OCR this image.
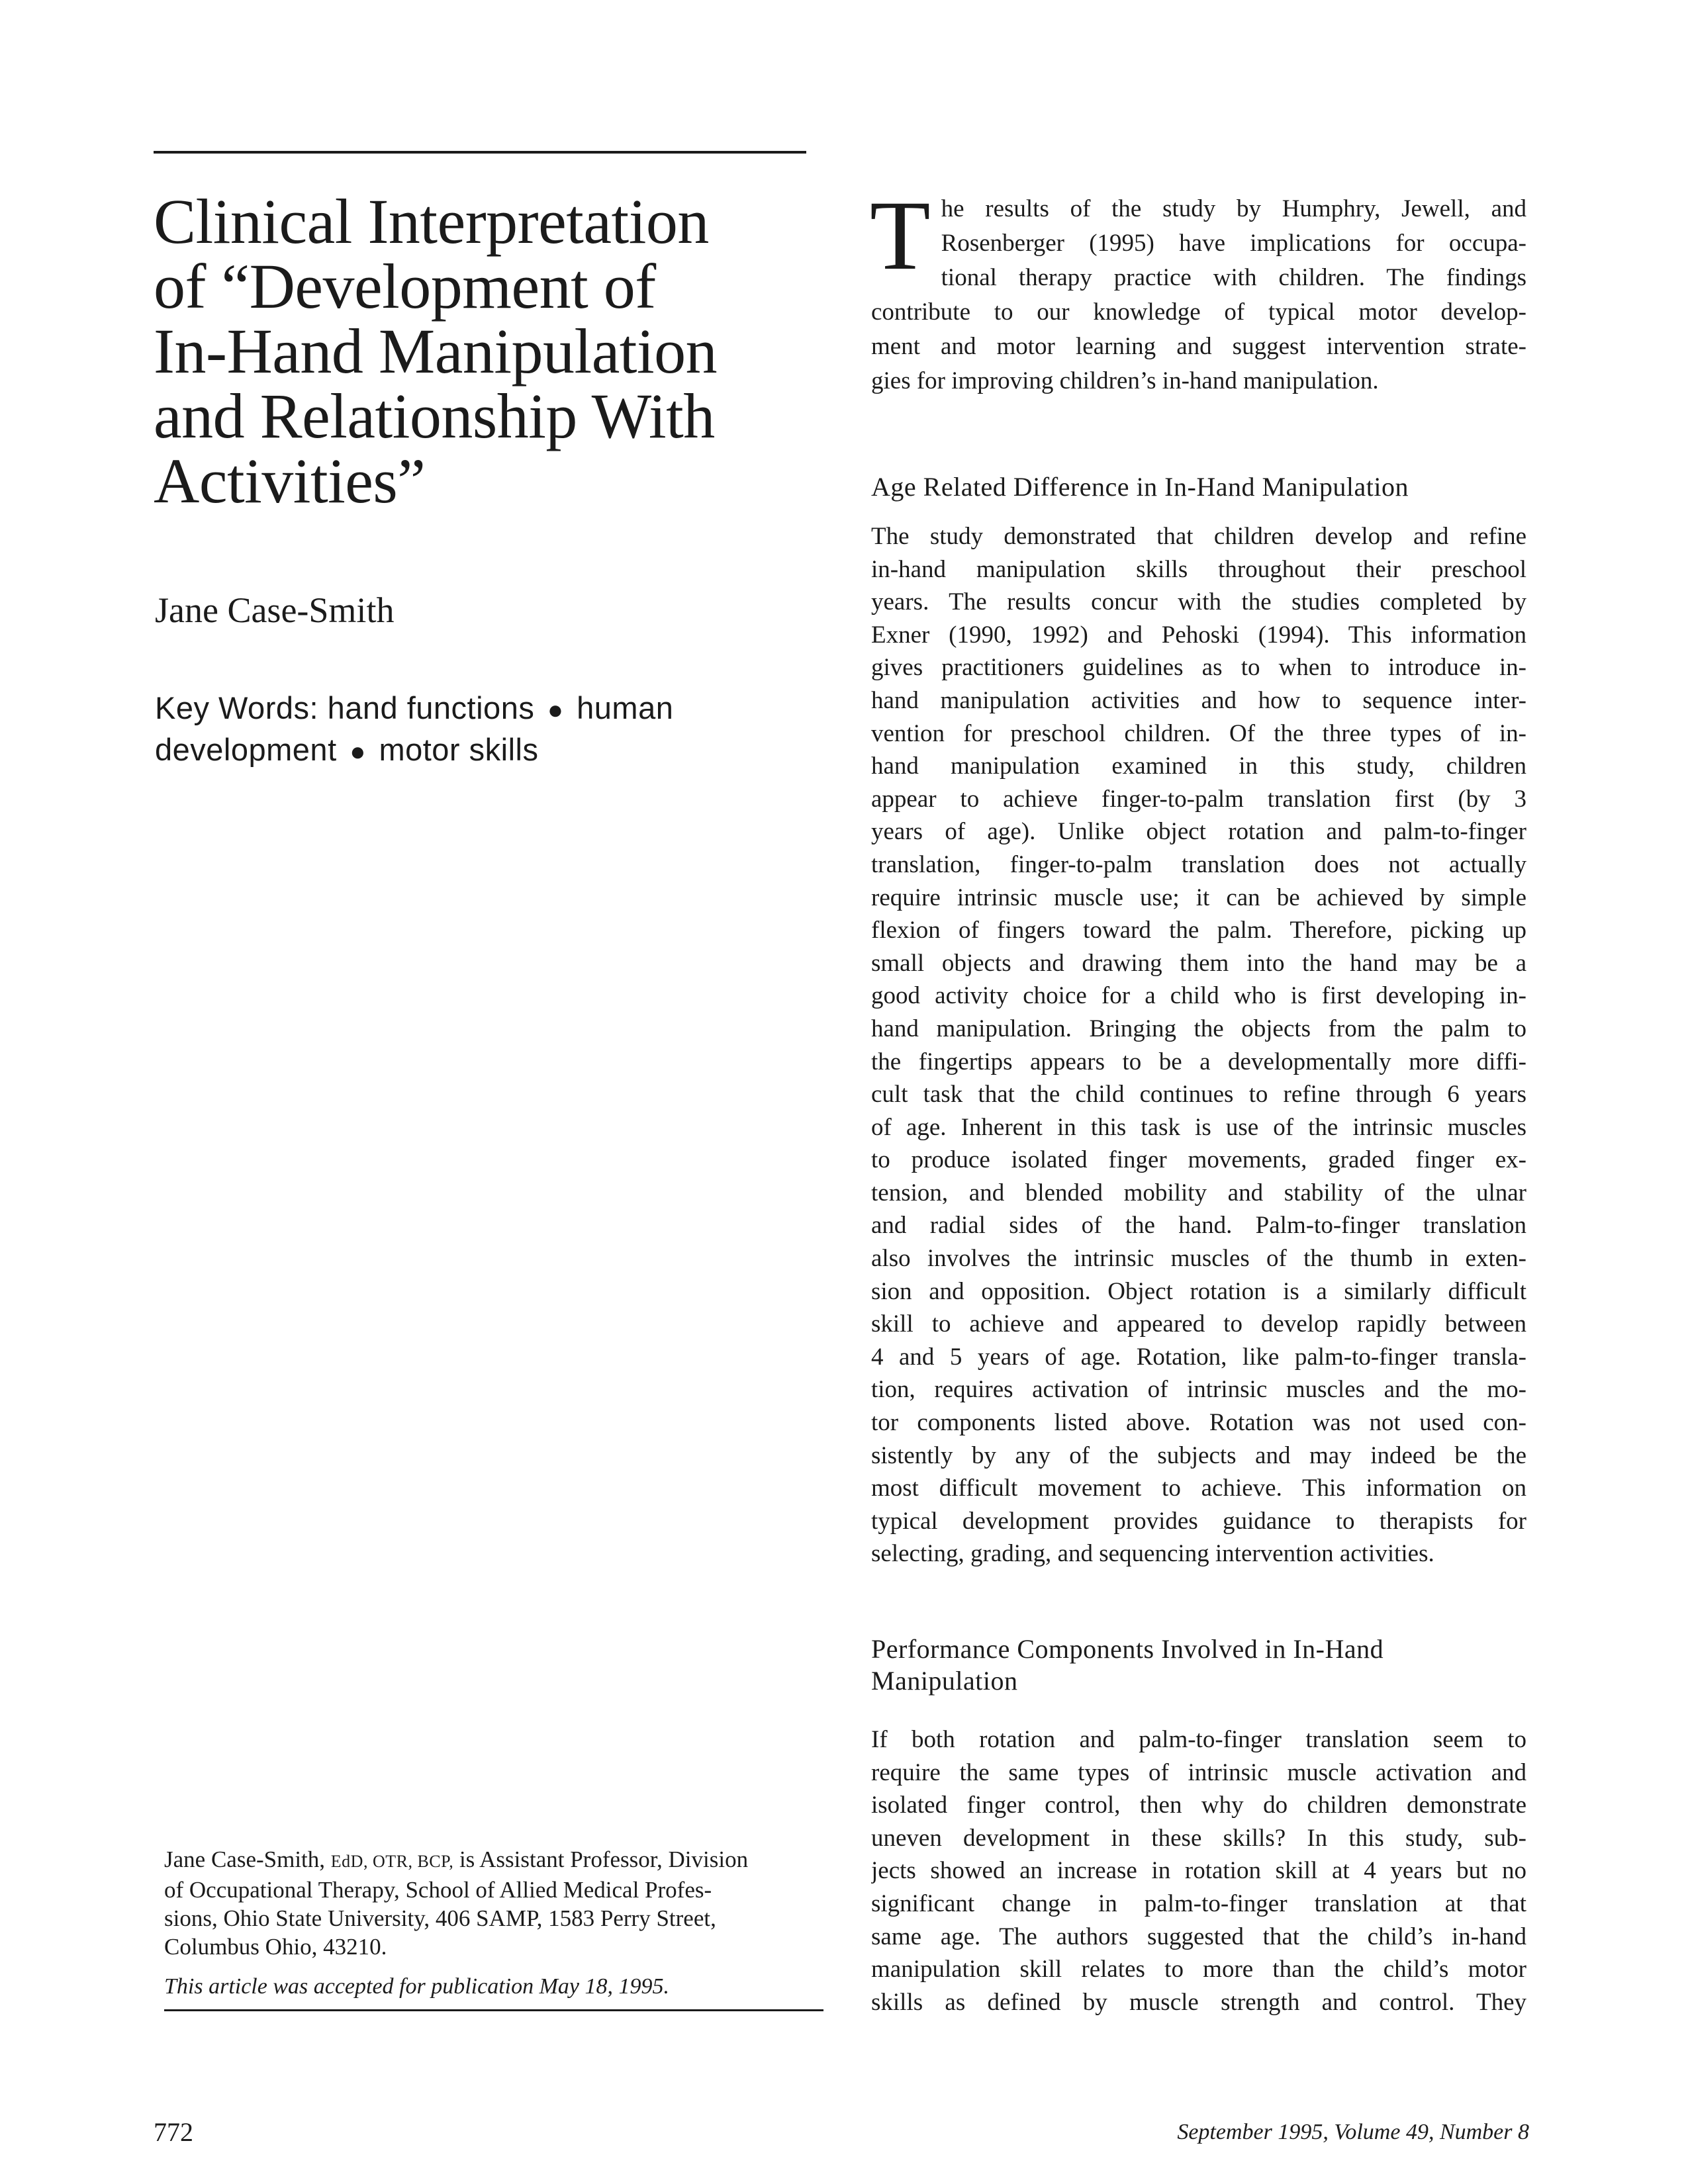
Clinical Interpretation
of “Development of
In-Hand Manipulation
and Relationship With
Activities”

Jane Case-Smith

Key Words: hand functions ● human
development ● motor skills
Jane Case-Smith, EdD, OTR, BCP, is Assistant Professor, Division
of Occupational Therapy, School of Allied Medical Profes-
sions, Ohio State University, 406 SAMP, 1583 Perry Street,
Columbus Ohio, 43210.

This article was accepted for publication May 18, 1995.

T he results of the study by Humphry, Jewell, and
Rosenberger (1995) have implications for occupa-
tional therapy practice with children. The findings
contribute to our knowledge of typical motor develop-
ment and motor learning and suggest intervention strate-
gies for improving children’s in-hand manipulation.
Age Related Difference in In-Hand Manipulation
The study demonstrated that children develop and refine
in-hand manipulation skills throughout their preschool
years. The results concur with the studies completed by
Exner (1990, 1992) and Pehoski (1994). This information
gives practitioners guidelines as to when to introduce in-
hand manipulation activities and how to sequence inter-
vention for preschool children. Of the three types of in-
hand manipulation examined in this study, children
appear to achieve finger-to-palm translation first (by 3
years of age). Unlike object rotation and palm-to-finger
translation, finger-to-palm translation does not actually
require intrinsic muscle use; it can be achieved by simple
flexion of fingers toward the palm. Therefore, picking up
small objects and drawing them into the hand may be a
good activity choice for a child who is first developing in-
hand manipulation. Bringing the objects from the palm to
the fingertips appears to be a developmentally more diffi-
cult task that the child continues to refine through 6 years
of age. Inherent in this task is use of the intrinsic muscles
to produce isolated finger movements, graded finger ex-
tension, and blended mobility and stability of the ulnar
and radial sides of the hand. Palm-to-finger translation
also involves the intrinsic muscles of the thumb in exten-
sion and opposition. Object rotation is a similarly difficult
skill to achieve and appeared to develop rapidly between
4 and 5 years of age. Rotation, like palm-to-finger transla-
tion, requires activation of intrinsic muscles and the mo-
tor components listed above. Rotation was not used con-
sistently by any of the subjects and may indeed be the
most difficult movement to achieve. This information on
typical development provides guidance to therapists for
selecting, grading, and sequencing intervention activities.
Performance Components Involved in In-Hand
Manipulation
If both rotation and palm-to-finger translation seem to
require the same types of intrinsic muscle activation and
isolated finger control, then why do children demonstrate
uneven development in these skills? In this study, sub-
jects showed an increase in rotation skill at 4 years but no
significant change in palm-to-finger translation at that
same age. The authors suggested that the child’s in-hand
manipulation skill relates to more than the child’s motor
skills as defined by muscle strength and control. They

772	September 1995, Volume 49, Number 8
